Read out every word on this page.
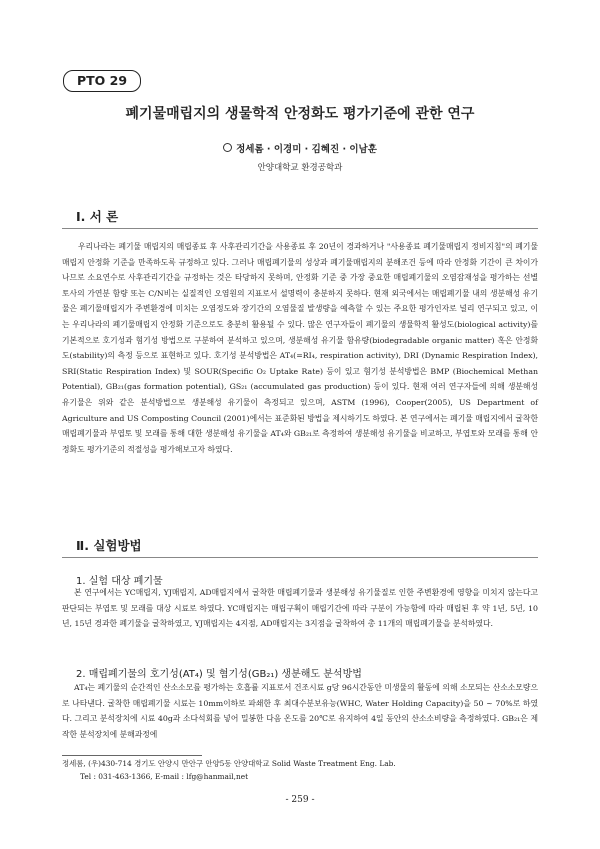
PTO 29
폐기물매립지의 생물학적 안정화도 평가기준에 관한 연구
정세롬 · 이경미 · 김혜진 · 이남훈
안양대학교 환경공학과
Ⅰ. 서 론

우리나라는 폐기물 매립지의 매립종료 후 사후관리기간을 사용종료 후 20년이 경과하거나 "사용종료 폐기물매립지 정비지침"의 폐기물매립지 안정화 기준을 만족하도록 규정하고 있다. 그러나 매립폐기물의 성상과 폐기물매립지의 분해조건 등에 따라 안정화 기간이 큰 차이가 나므로 소요연수로 사후관리기간을 규정하는 것은 타당하지 못하며, 안정화 기준 중 가장 중요한 매립폐기물의 오염잠재성을 평가하는 선별토사의 가연분 함량 또는 C/N비는 실질적인 오염원의 지표로서 설명력이 충분하지 못하다. 현재 외국에서는 매립폐기물 내의 생분해성 유기물은 폐기물매립지가 주변환경에 미치는 오염정도와 장기간의 오염물질 발생량을 예측할 수 있는 주요한 평가인자로 널리 연구되고 있고, 이는 우리나라의 폐기물매립지 안정화 기준으로도 충분히 활용될 수 있다. 많은 연구자들이 폐기물의 생물학적 활성도(biological activity)를 기본적으로 호기성과 혐기성 방법으로 구분하여 분석하고 있으며, 생분해성 유기물 함유량(biodegradable organic matter) 혹은 안정화도(stability)의 측정 등으로 표현하고 있다. 호기성 분석방법은 AT₄(=RI₄, respiration activity), DRI (Dynamic Respiration Index), SRI(Static Respiration Index) 및 SOUR(Specific O₂ Uptake Rate) 등이 있고 혐기성 분석방법은 BMP (Biochemical Methan Potential), GB₂₁(gas formation potential), GS₂₁ (accumulated gas production) 등이 있다. 현재 여러 연구자들에 의해 생분해성 유기물은 위와 같은 분석방법으로 생분해성 유기물이 측정되고 있으며, ASTM (1996), Cooper(2005), US Department of Agriculture and US Composting Council (2001)에서는 표준화된 방법을 제시하기도 하였다. 본 연구에서는 폐기물 매립지에서 굴착한 매립폐기물과 부엽토 및 모래를 통해 대한 생분해성 유기물을 AT₄와 GB₂₁로 측정하여 생분해성 유기물을 비교하고, 부엽토와 모래를 통해 안정화도 평가기준의 적절성을 평가해보고자 하였다.

Ⅱ. 실험방법
1. 실험 대상 폐기물

본 연구에서는 YC매립지, YJ매립지, AD매립지에서 굴착한 매립폐기물과 생분해성 유기물질로 인한 주변환경에 영향을 미치지 않는다고 판단되는 부엽토 및 모래를 대상 시료로 하였다. YC매립지는 매립구획이 매립기간에 따라 구분이 가능함에 따라 매립된 후 약 1년, 5년, 10년, 15년 경과한 폐기물을 굴착하였고, YJ매립지는 4지점, AD매립지는 3지점을 굴착하여 총 11개의 매립폐기물을 분석하였다.

2. 매립폐기물의 호기성(AT₄) 및 혐기성(GB₂₁) 생분해도 분석방법

AT₄는 폐기물의 순간적인 산소소모를 평가하는 호흡률 지표로서 건조시료 g당 96시간동안 미생물의 활동에 의해 소모되는 산소소모량으로 나타낸다. 굴착한 매립폐기물 시료는 10mm이하로 파쇄한 후 최대수분보유능(WHC, Water Holding Capacity)을 50 ~ 70%로 하였다. 그리고 분석장치에 시료 40g과 소다석회를 넣어 밀봉한 다음 온도를 20℃로 유지하여 4일 동안의 산소소비량을 측정하였다. GB₂₁은 제작한 분석장치에 분해과정에

정세롬, (우)430-714 경기도 안양시 만안구 안양5동 안양대학교 Solid Waste Treatment Eng. Lab.
Tel : 031-463-1366, E-mail : lfg@hanmail,net
- 259 -
